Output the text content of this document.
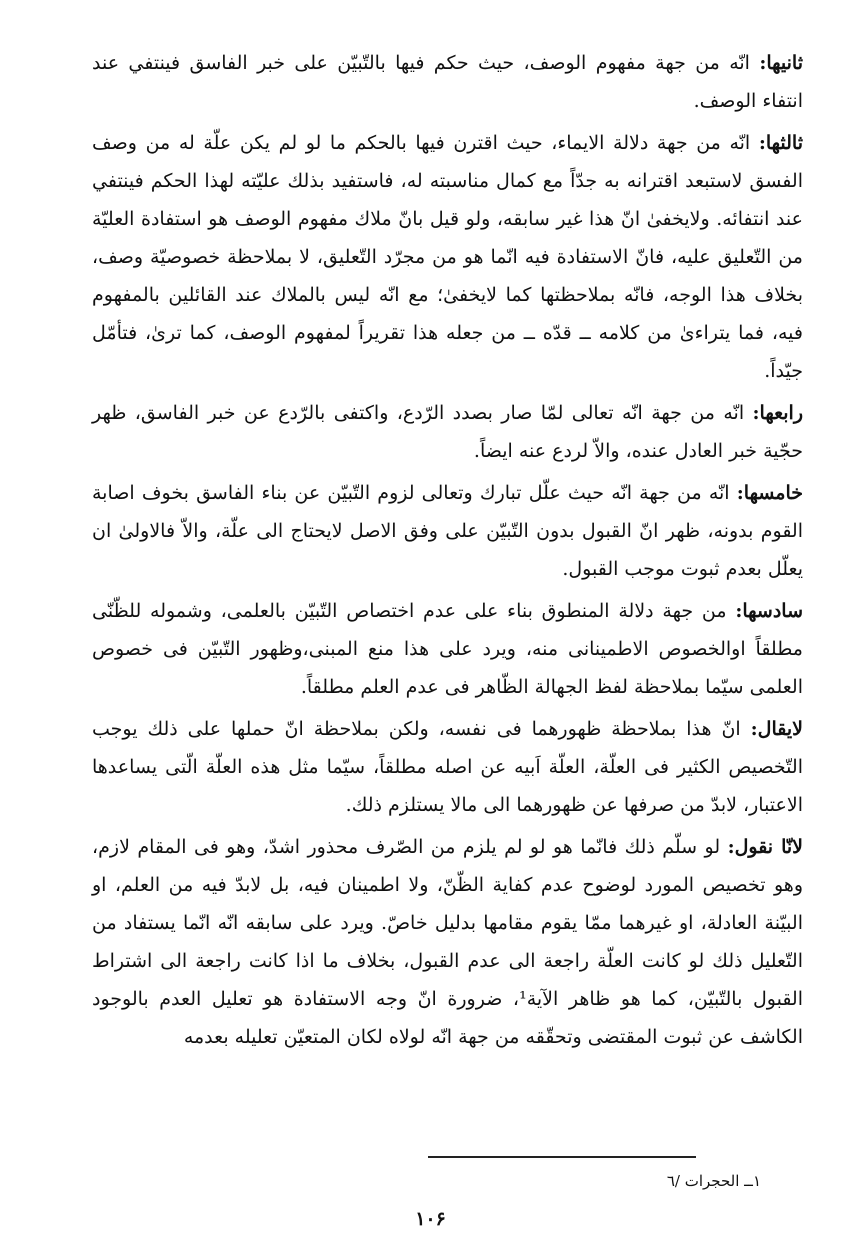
ثانيها: انّه من جهة مفهوم الوصف، حيث حكم فيها بالتّبيّن على خبر الفاسق فينتفي عند انتفاء الوصف.

ثالثها: انّه من جهة دلالة الايماء، حيث اقترن فيها بالحكم ما لو لم يكن علّة له من وصف الفسق لاستبعد اقترانه به جدّاً مع كمال مناسبته له، فاستفيد بذلك عليّته لهذا الحكم فينتفي عند انتفائه. ولايخفىٰ انّ هذا غير سابقه، ولو قيل بانّ ملاك مفهوم الوصف هو استفادة العليّة من التّعليق عليه، فانّ الاستفادة فيه انّما هو من مجرّد التّعليق، لا بملاحظة خصوصيّة وصف، بخلاف هذا الوجه، فانّه بملاحظتها كما لايخفىٰ؛ مع انّه ليس بالملاك عند القائلين بالمفهوم فيه، فما يتراءىٰ من كلامه ــ قدّه ــ من جعله هذا تقريراً لمفهوم الوصف، كما ترىٰ، فتأمّل جيّداً.

رابعها: انّه من جهة انّه تعالى لمّا صار بصدد الرّدع، واكتفى بالرّدع عن خبر الفاسق، ظهر حجّية خبر العادل عنده، والاّ لردع عنه ايضاً.

خامسها: انّه من جهة انّه حيث علّل تبارك وتعالى لزوم التّبيّن عن بناء الفاسق بخوف اصابة القوم بدونه، ظهر انّ القبول بدون التّبيّن على وفق الاصل لايحتاج الى علّة، والاّ فالاولىٰ ان يعلّل بعدم ثبوت موجب القبول.

سادسها: من جهة دلالة المنطوق بناء على عدم اختصاص التّبيّن بالعلمى، وشموله للظّنّى مطلقاً اوالخصوص الاطمينانى منه، ويرد على هذا منع المبنى،وظهور التّبيّن فى خصوص العلمى سيّما بملاحظة لفظ الجهالة الظّاهر فى عدم العلم مطلقاً.

لايقال: انّ هذا بملاحظة ظهورهما فى نفسه، ولكن بملاحظة انّ حملها على ذلك يوجب التّخصيص الكثير فى العلّة، العلّة اَبيه عن اصله مطلقاً، سيّما مثل هذه العلّة الّتى يساعدها الاعتبار، لابدّ من صرفها عن ظهورهما الى مالا يستلزم ذلك.

لانّا نقول: لو سلّم ذلك فانّما هو لو لم يلزم من الصّرف محذور اشدّ، وهو فى المقام لازم، وهو تخصيص المورد لوضوح عدم كفاية الظّنّ، ولا اطمينان فيه، بل لابدّ فيه من العلم، او البيّنة العادلة، او غيرهما ممّا يقوم مقامها بدليل خاصّ. ويرد على سابقه انّه انّما يستفاد من التّعليل ذلك لو كانت العلّة راجعة الى عدم القبول، بخلاف ما اذا كانت راجعة الى اشتراط القبول بالتّبيّن، كما هو ظاهر الآية¹، ضرورة انّ وجه الاستفادة هو تعليل العدم بالوجود الكاشف عن ثبوت المقتضى وتحقّقه من جهة انّه لولاه لكان المتعيّن تعليله بعدمه

١ــ الحجرات /٦
١٠۶
